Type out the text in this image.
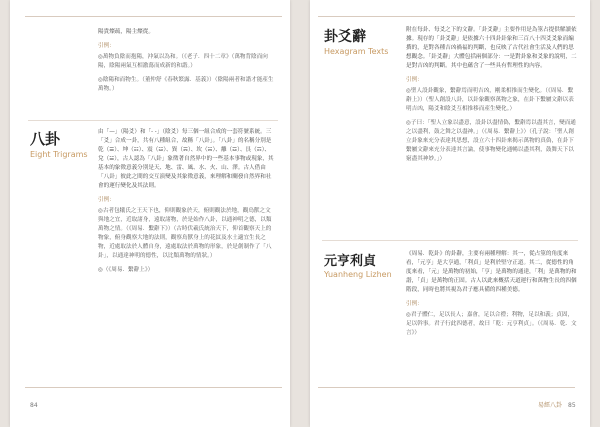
陽貴燦疏，陽主燦從。

引例：

◎萬物負陰而抱陽，沖氣以為和。（《老子．四十二章》（萬物背陰而向陽，陰陽兩氣互相激蕩而成新的和諧。）

◎陰陽和而物生。（董仲舒《春秋繁露．基義》）（陰陽兩者和諧才能產生萬物。）

八卦
Eight Trigrams

由「—」（陽爻）和「- -」（陰爻）每三個一組合成的一套符號系統。三「爻」合成一卦，共有八種組合，故稱「八卦」。「八卦」的名稱分別是乾（☰）、坤（☷）、震（☳）、巽（☴）、坎（☵）、離（☲）、艮（☶）、兌（☱），古人認為「八卦」象徵著自然界中的一些基本事物或現象，其基本的象徵意義分別是天、地、雷、風、水、火、山、澤。古人借由「八卦」彼此之間的交互演變及其象徵意義，來理解和闡發自然界和社會的運行變化及其法則。

引例：

◎古者包犧氏之王天下也，仰則觀象於天，俯則觀法於地，觀鳥獸之文與地之宜，近取諸身，遠取諸物，於是始作八卦，以通神明之德，以類萬物之情。（《周易．繫辭下》）（古時伏羲氏統治天下，仰首觀察天上的物象，俯身觀察大地的法則，觀察鳥獸身上的花紋及水土適宜生長之物，近處取法於人體自身，遠處取法於萬物的形象，於是創制作了「八卦」，以通達神明的德性，以比類萬物的情狀。）

◎（《周易．繫辭上》）

84
卦爻辭
Hexagram Texts

附在每卦、每爻之下的文辭。「卦爻辭」主要作用是為筮占提供解讀依據。現存的「卦爻辭」是依據六十四卦卦象和三百八十四爻爻象而編撰的，是對各種吉凶禍福的判斷，也反映了古代社會生活及人們的思想觀念。「卦爻辭」大體包括兩個部分：一是對卦象和爻象的說明，二是對吉凶的判斷。其中也蘊含了一些具有哲理性的內容。

引例：

◎聖人設卦觀象，繫辭焉而明吉凶，剛柔相推而生變化。（《周易．繫辭上》）（聖人創設八卦，以卦象觀察萬物之象，在卦下繫屬文辭以表明吉凶，陽爻和陰爻互相推移而產生變化。）

◎子曰：「聖人立象以盡意，設卦以盡情偽，繫辭焉以盡其言，變而通之以盡利，鼓之舞之以盡神。」（《周易．繫辭上》）（孔子說：「聖人創立卦象來充分表達其思想，設立六十四卦來揭示萬物的真偽，在卦下繫屬文辭來充分表達其言論，使事物變化通暢以盡其利，鼓舞天下以窮盡其神妙。」）

元亨利貞
Yuanheng Lizhen

《周易．乾卦》的卦辭，主要有兩種理解：其一，從占筮的角度來看，「元亨」是大亨通，「利貞」是利於堅守正道。其二，從德性的角度來看，「元」是萬物的初始，「亨」是萬物的通達，「利」是萬物的和諧，「貞」是萬物的正固。古人以此來概括天道運行和萬物生長的四個階段，同時也將其視為君子應具備的四種美德。

引例：

◎君子體仁，足以長人；嘉會，足以合禮；利物，足以和義；貞固，足以幹事。君子行此四德者，故曰「乾：元亨利貞」。（《周易．乾．文言》）

易經八卦 85
